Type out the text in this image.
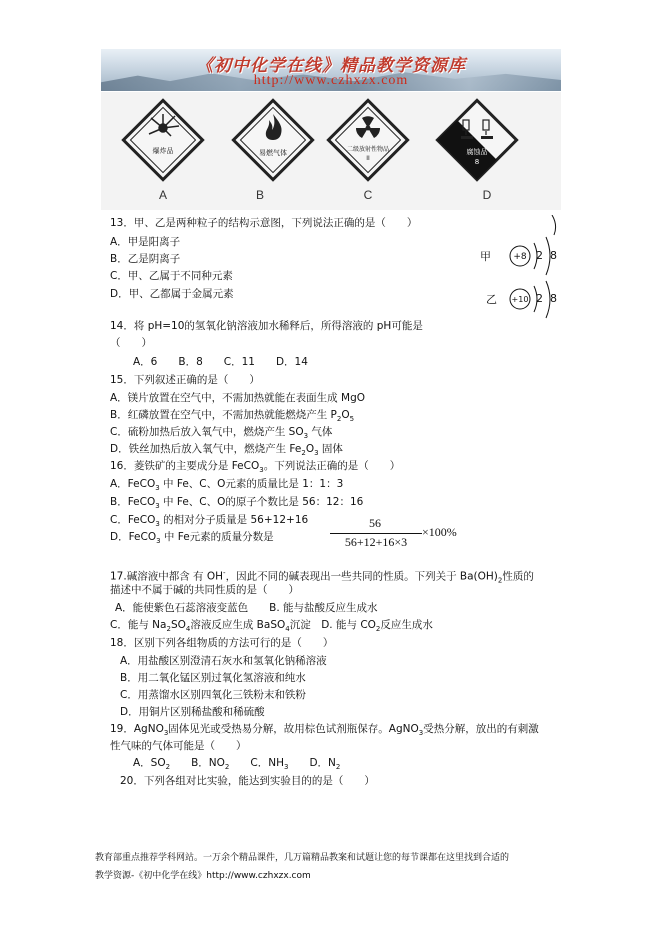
《初中化学在线》精品教学资源库
http://www.czhxzx.com
爆炸品
A
易燃气体
B
二级放射性物品
II
C
腐蚀品
8
D
甲 +8 2 8
乙 +10 2 8
13．甲、乙是两种粒子的结构示意图，下列说法正确的是（　　）
A．甲是阳离子
B．乙是阴离子
C．甲、乙属于不同种元素
D．甲、乙都属于金属元素
14．将 pH=10的氢氧化钠溶液加水稀释后，所得溶液的 pH可能是
（　　）
A．6　　B．8　　C．11　　D．14
15．下列叙述正确的是（　　）
A．镁片放置在空气中，不需加热就能在表面生成 MgO
B．红磷放置在空气中，不需加热就能燃烧产生 $P_2O_5$
C．硫粉加热后放入氧气中，燃烧产生 $SO_3$ 气体
D．铁丝加热后放入氧气中，燃烧产生 $Fe_2O_3$ 固体
16．菱铁矿的主要成分是 FeCO$_3$。下列说法正确的是（　　）
A．FeCO$_3$ 中 Fe、C、O元素的质量比是 1：1：3
B．FeCO$_3$ 中 Fe、C、O的原子个数比是 56：12：16
C．FeCO$_3$ 的相对分子质量是 56+12+16
D．FeCO$_3$ 中 Fe元素的质量分数是
56
56+12+16×3
×100%
17.碱溶液中都含 有 OH-，因此不同的碱表现出一些共同的性质。下列关于 $Ba(OH)_2$性质的
描述中不属于碱的共同性质的是（　　）
A．能使紫色石蕊溶液变蓝色　　B. 能与盐酸反应生成水
C．能与 $Na_2SO_4$溶液反应生成 BaSO$_4$沉淀　D. 能与 $CO_2$反应生成水
18．区别下列各组物质的方法可行的是（　　）
A．用盐酸区别澄清石灰水和氢氧化钠稀溶液
B．用二氧化锰区别过氧化氢溶液和纯水
C．用蒸馏水区别四氧化三铁粉末和铁粉
D．用铜片区别稀盐酸和稀硫酸
19．AgNO$_3$固体见光或受热易分解，故用棕色试剂瓶保存。AgNO$_3$受热分解，放出的有刺激
性气味的气体可能是（　　）
A．$SO_2$　　B．$NO_2$　　C．$NH_3$　　D．$N_2$
20．下列各组对比实验，能达到实验目的的是（　　）
教育部重点推荐学科网站。一万余个精品课件，几万篇精品教案和试题让您的每节课都在这里找到合适的
教学资源-《初中化学在线》http://www.czhxzx.com
